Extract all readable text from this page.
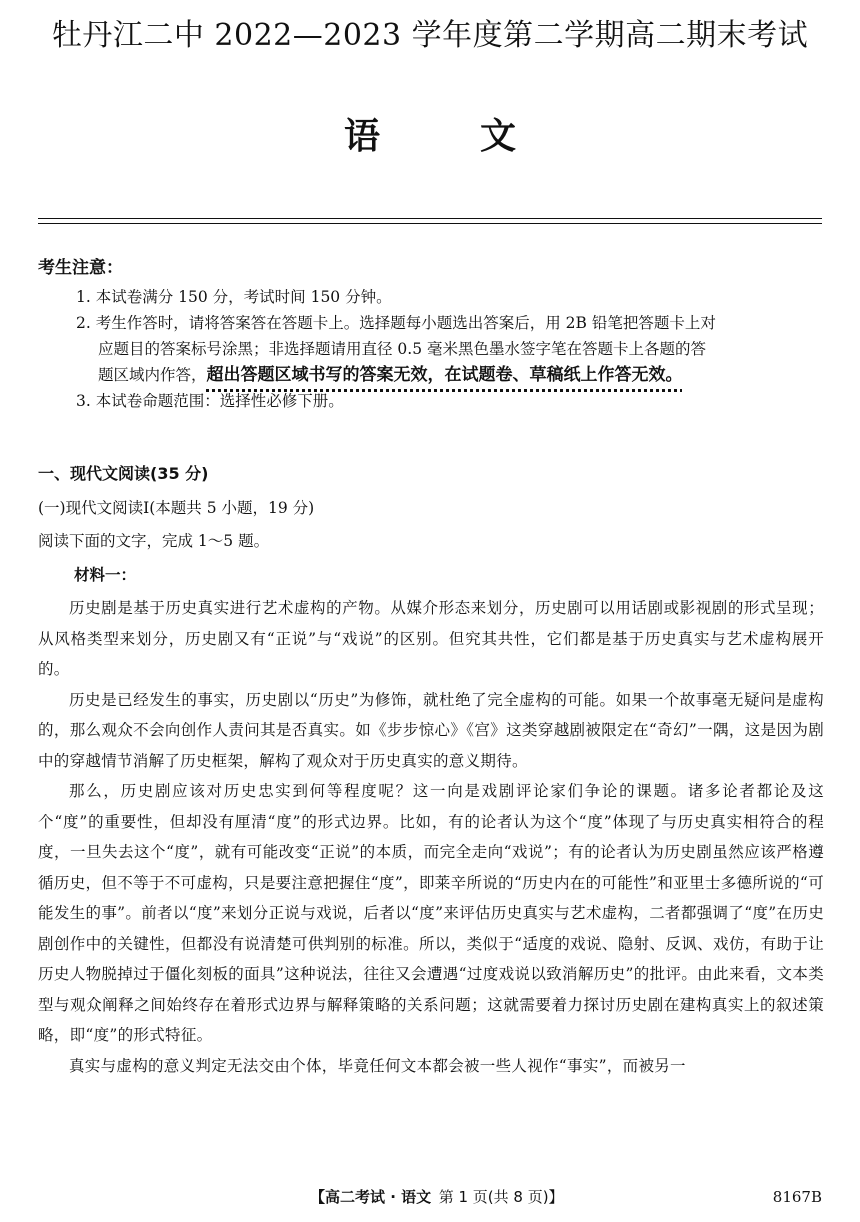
牡丹江二中 2022—2023 学年度第二学期高二期末考试
语文
考生注意：
1. 本试卷满分 150 分，考试时间 150 分钟。
2. 考生作答时，请将答案答在答题卡上。选择题每小题选出答案后，用 2B 铅笔把答题卡上对
应题目的答案标号涂黑；非选择题请用直径 0.5 毫米黑色墨水签字笔在答题卡上各题的答
题区域内作答，超出答题区域书写的答案无效，在试题卷、草稿纸上作答无效。
3. 本试卷命题范围：选择性必修下册。
一、现代文阅读(35 分)
(一)现代文阅读Ⅰ(本题共 5 小题，19 分)
阅读下面的文字，完成 1～5 题。
材料一：

历史剧是基于历史真实进行艺术虚构的产物。从媒介形态来划分，历史剧可以用话剧或影视剧的形式呈现；从风格类型来划分，历史剧又有“正说”与“戏说”的区别。但究其共性，它们都是基于历史真实与艺术虚构展开的。

历史是已经发生的事实，历史剧以“历史”为修饰，就杜绝了完全虚构的可能。如果一个故事毫无疑问是虚构的，那么观众不会向创作人责问其是否真实。如《步步惊心》《宫》这类穿越剧被限定在“奇幻”一隅，这是因为剧中的穿越情节消解了历史框架，解构了观众对于历史真实的意义期待。

那么，历史剧应该对历史忠实到何等程度呢？这一向是戏剧评论家们争论的课题。诸多论者都论及这个“度”的重要性，但却没有厘清“度”的形式边界。比如，有的论者认为这个“度”体现了与历史真实相符合的程度，一旦失去这个“度”，就有可能改变“正说”的本质，而完全走向“戏说”；有的论者认为历史剧虽然应该严格遵循历史，但不等于不可虚构，只是要注意把握住“度”，即莱辛所说的“历史内在的可能性”和亚里士多德所说的“可能发生的事”。前者以“度”来划分正说与戏说，后者以“度”来评估历史真实与艺术虚构，二者都强调了“度”在历史剧创作中的关键性，但都没有说清楚可供判别的标准。所以，类似于“适度的戏说、隐射、反讽、戏仿，有助于让历史人物脱掉过于僵化刻板的面具”这种说法，往往又会遭遇“过度戏说以致消解历史”的批评。由此来看，文本类型与观众阐释之间始终存在着形式边界与解释策略的关系问题；这就需要着力探讨历史剧在建构真实上的叙述策略，即“度”的形式特征。

真实与虚构的意义判定无法交由个体，毕竟任何文本都会被一些人视作“事实”，而被另一

【高二考试 · 语文  第 1 页(共 8 页)】	8167B
